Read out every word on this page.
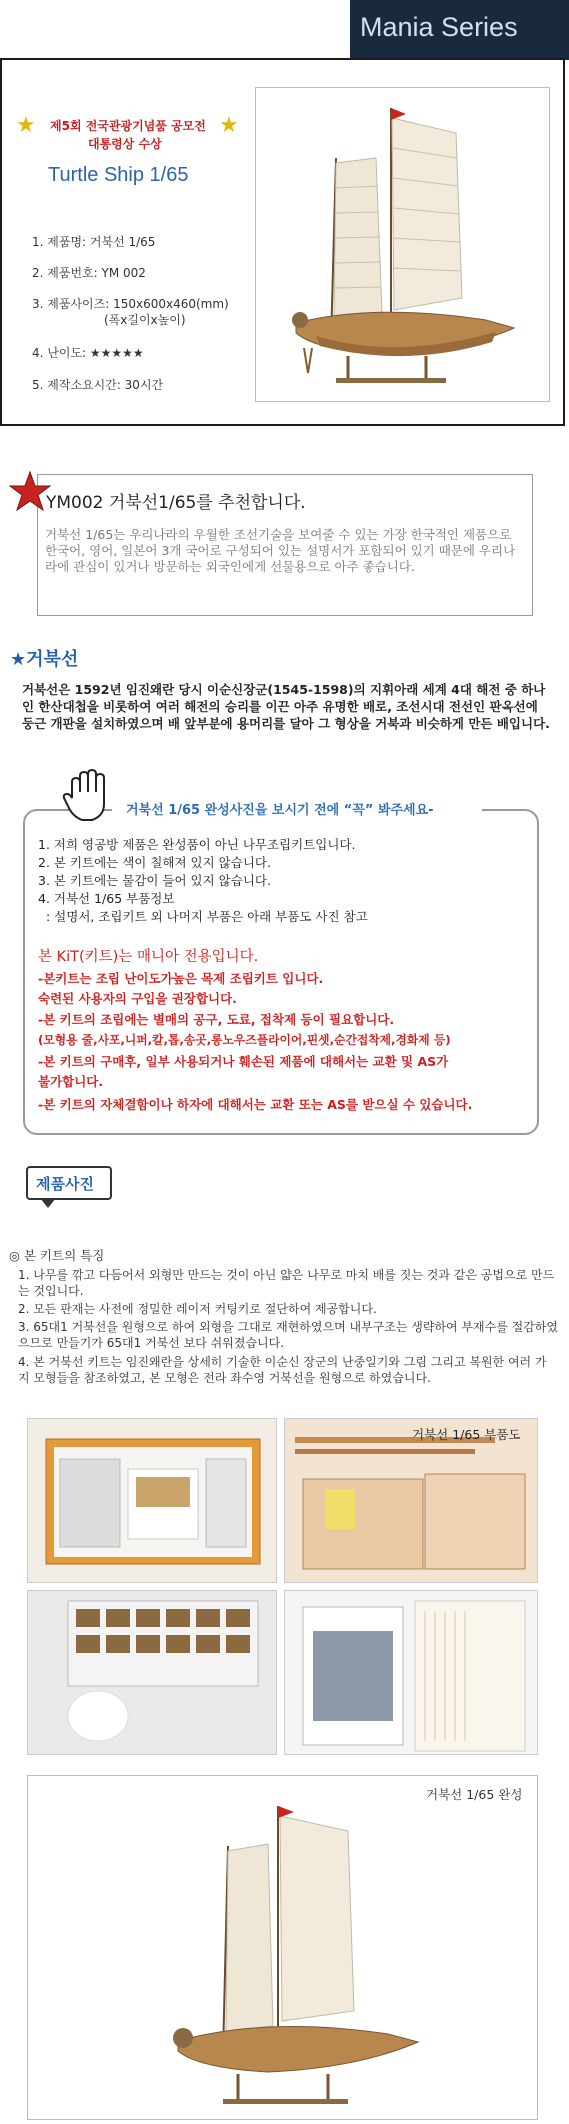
Mania Series
★	★
제5회 전국관광기념품 공모전
대통령상 수상
Turtle Ship 1/65
1. 제품명: 거북선 1/65
2. 제품번호: YM 002
3. 제품사이즈: 150x600x460(mm)
(폭x길이x높이)
4. 난이도: ★★★★★
5. 제작소요시간: 30시간
YM002 거북선1/65를 추천합니다.
거북선 1/65는 우리나라의 우월한 조선기술을 보여줄 수 있는 가장 한국적인 제품으로 한국어, 영어, 일본어 3개 국어로 구성되어 있는 설명서가 포함되어 있기 때문에 우리나라에 관심이 있거나 방문하는 외국인에게 선물용으로 아주 좋습니다.
★거북선
거북선은 1592년 임진왜란 당시 이순신장군(1545-1598)의 지휘아래 세계 4대 해전 중 하나인 한산대첩을 비롯하여 여러 해전의 승리를 이끈 아주 유명한 배로, 조선시대 전선인 판옥선에 둥근 개판을 설치하였으며 배 앞부분에 용머리를 달아 그 형상을 거북과 비슷하게 만든 배입니다.
거북선 1/65 완성사진을 보시기 전에 “꼭” 봐주세요-
1. 저희 영공방 제품은 완성품이 아닌 나무조립키트입니다.
2. 본 키트에는 색이 칠해져 있지 않습니다.
3. 본 키트에는 물감이 들어 있지 않습니다.
4. 거북선 1/65 부품정보
: 설명서, 조립키트 외 나머지 부품은 아래 부품도 사진 참고
본 KiT(키트)는 매니아 전용입니다.
-본키트는 조립 난이도가높은 목제 조립키트 입니다.
숙련된 사용자의 구입을 권장합니다.
-본 키트의 조립에는 별매의 공구, 도료, 접착제 등이 필요합니다.
(모형용 줄,사포,니퍼,칼,톱,송곳,롱노우즈플라이어,핀셋,순간접착제,경화제 등)
-본 키트의 구매후, 일부 사용되거나 훼손된 제품에 대해서는 교환 및 AS가
불가합니다.
-본 키트의 자체결함이나 하자에 대해서는 교환 또는 AS를 받으실 수 있습니다.
제품사진
◎ 본 키트의 특징
1. 나무를 깎고 다듬어서 외형만 만드는 것이 아닌 얇은 나무로 마치 배를 짓는 것과 같은 공법으로 만드는 것입니다.
2. 모든 판재는 사전에 정밀한 레이저 커팅키로 절단하여 제공합니다.
3. 65대1 거북선을 원형으로 하여 외형을 그대로 재현하였으며 내부구조는 생략하여 부재수를 절감하였으므로 만들기가 65대1 거북선 보다 쉬워졌습니다.
4. 본 거북선 키트는 임진왜란을 상세히 기술한 이순신 장군의 난중일기와 그림 그리고 복원한 여러 가지 모형들을 참조하였고, 본 모형은 전라 좌수영 거북선을 원형으로 하였습니다.
거북선 1/65 부품도
거북선 1/65 완성
